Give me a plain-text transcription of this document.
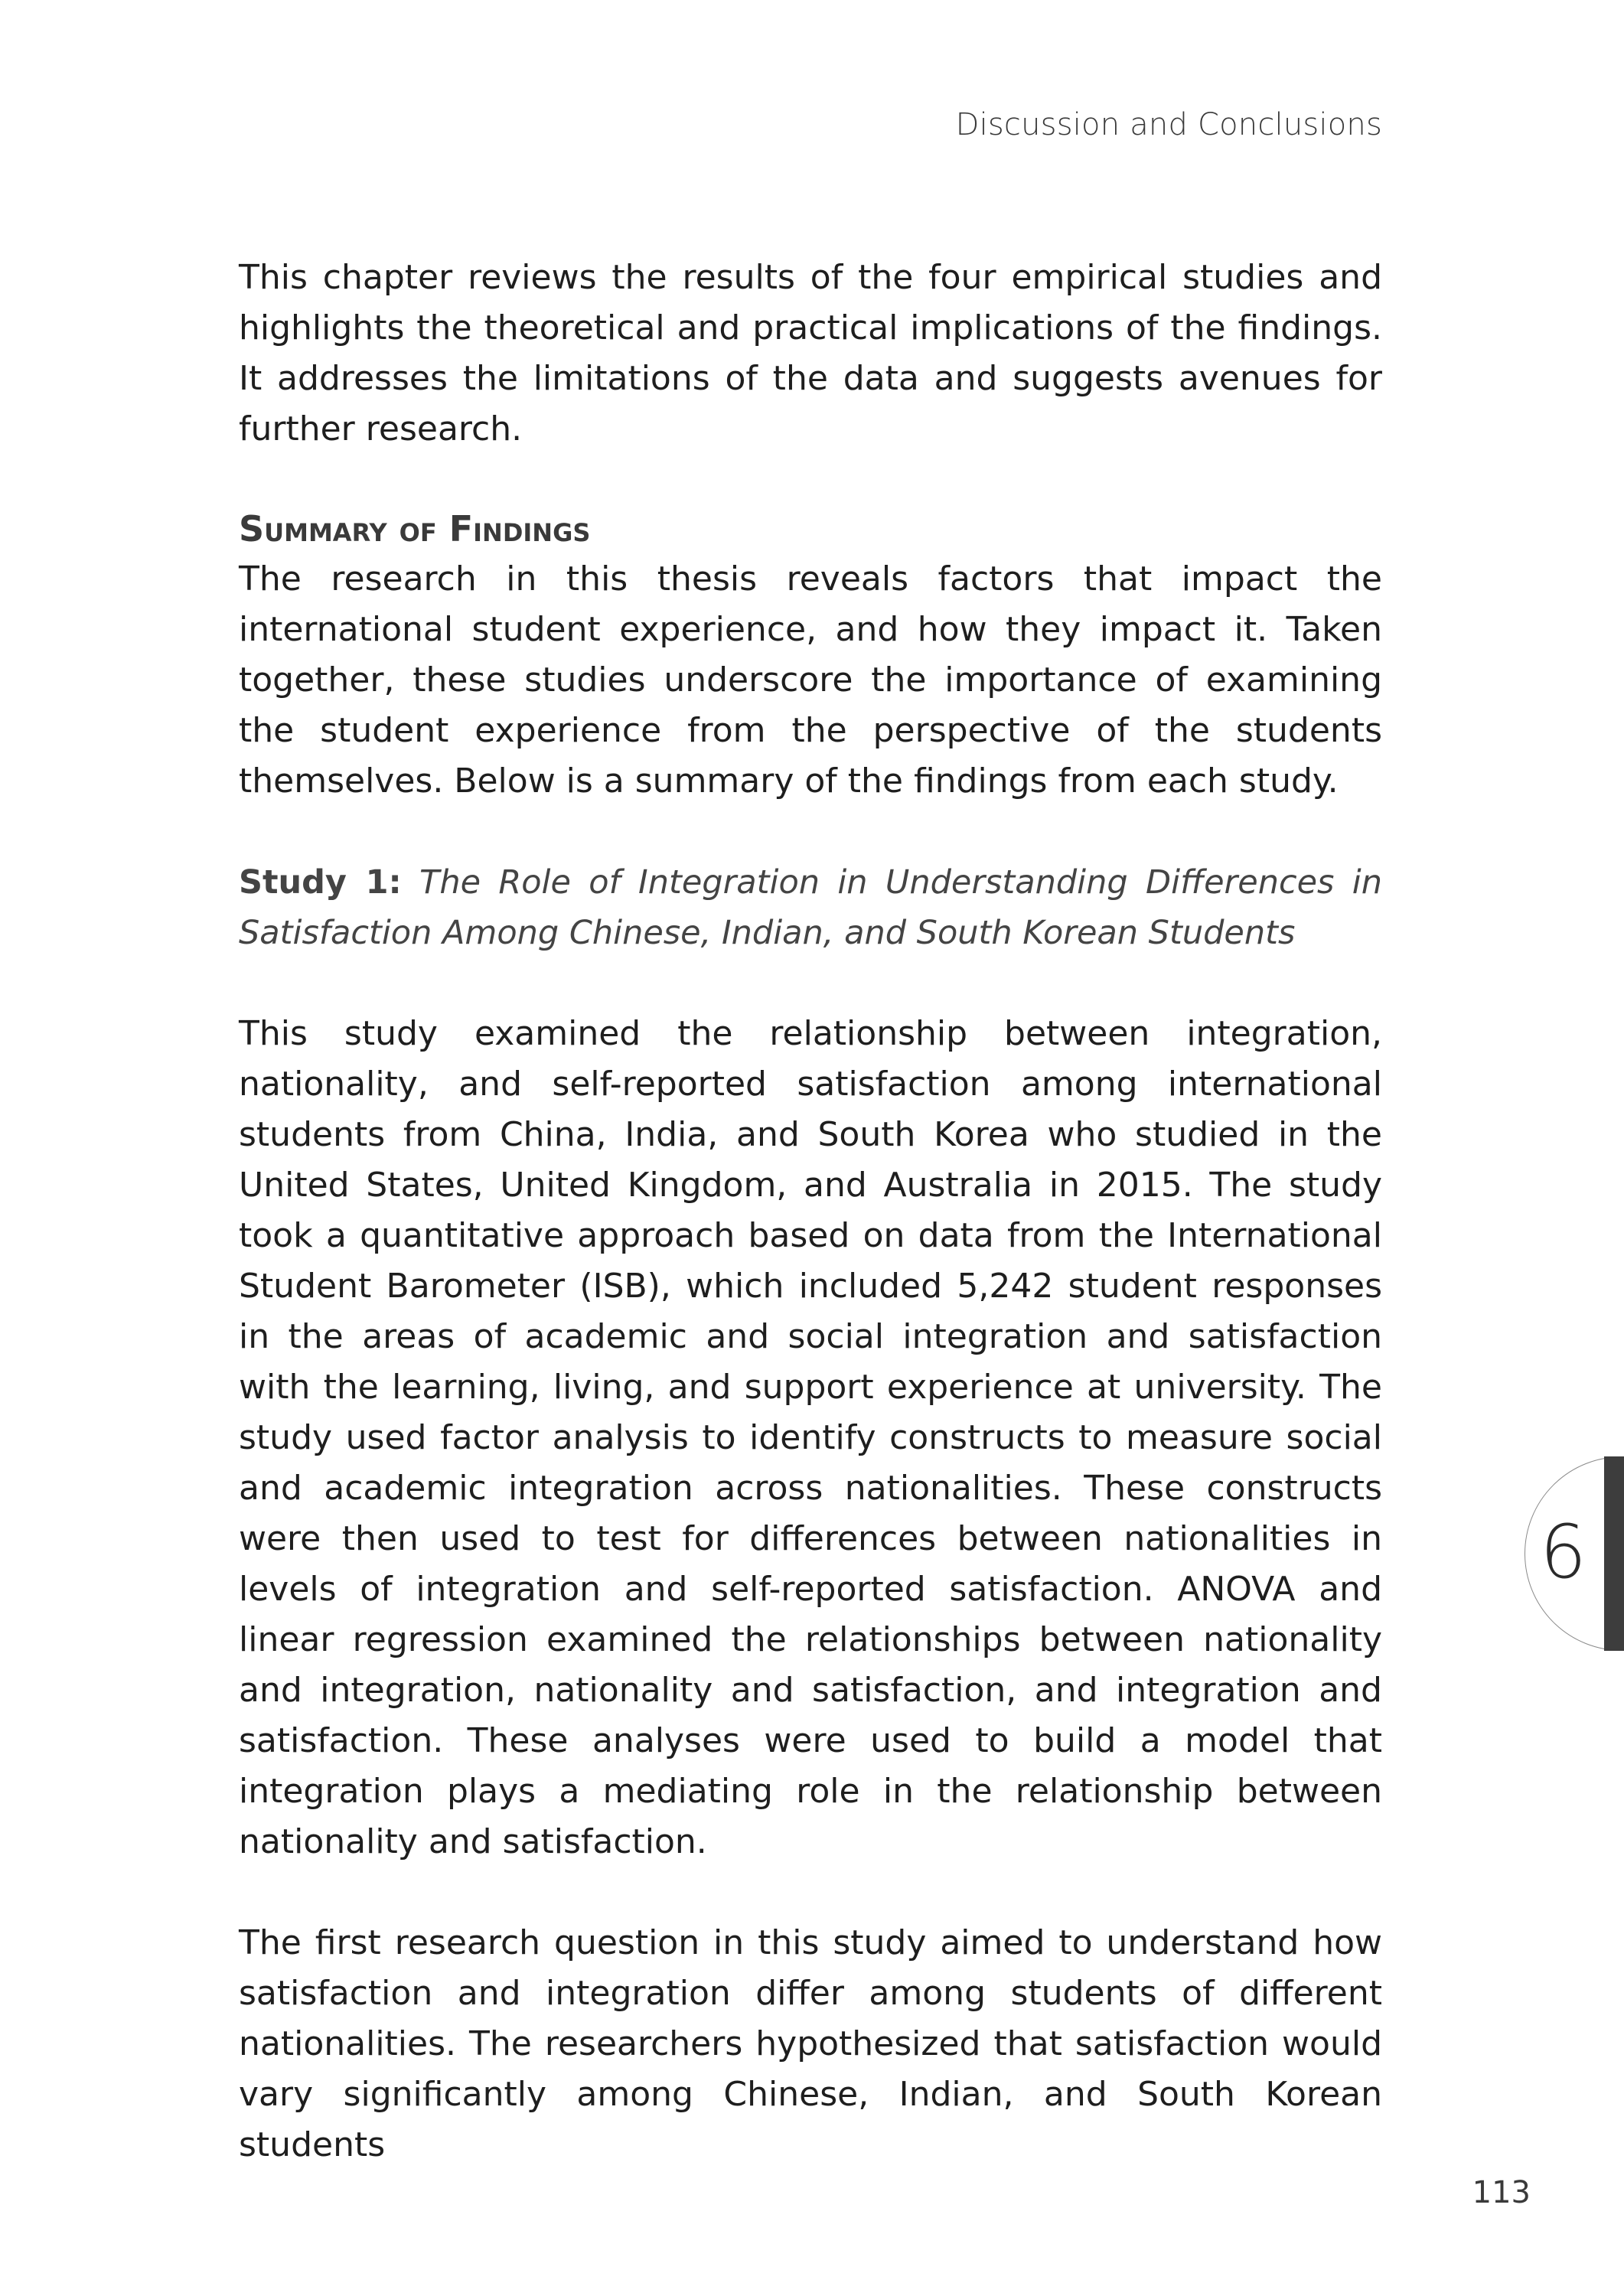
Discussion and Conclusions

This chapter reviews the results of the four empirical studies and highlights the theoretical and practical implications of the findings. It addresses the limitations of the data and suggests avenues for further research.

Summary of Findings

The research in this thesis reveals factors that impact the international student experience, and how they impact it. Taken together, these studies underscore the importance of examining the student experience from the perspective of the students themselves. Below is a summary of the findings from each study.

Study 1: The Role of Integration in Understanding Differences in Satisfaction Among Chinese, Indian, and South Korean Students

This study examined the relationship between integration, nationality, and self-reported satisfaction among international students from China, India, and South Korea who studied in the United States, United Kingdom, and Australia in 2015. The study took a quantitative approach based on data from the International Student Barometer (ISB), which included 5,242 student responses in the areas of academic and social integration and satisfaction with the learning, living, and support experience at university. The study used factor analysis to identify constructs to measure social and academic integration across nationalities. These constructs were then used to test for differences between nationalities in levels of integration and self-reported satisfaction. ANOVA and linear regression examined the relationships between nationality and integration, nationality and satisfaction, and integration and satisfaction. These analyses were used to build a model that integration plays a mediating role in the relationship between nationality and satisfaction.

The first research question in this study aimed to understand how satisfaction and integration differ among students of different nationalities. The researchers hypothesized that satisfaction would vary significantly among Chinese, Indian, and South Korean students

6
113
